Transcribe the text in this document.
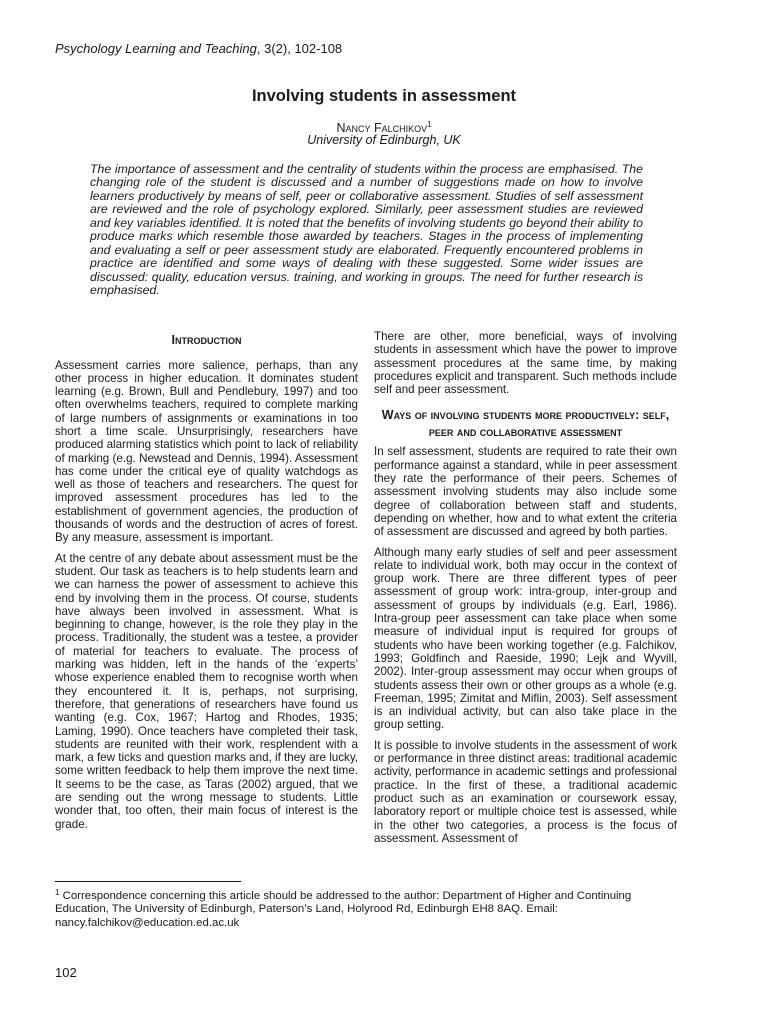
Psychology Learning and Teaching, 3(2), 102-108
Involving students in assessment
Nancy Falchikov$^1$
University of Edinburgh, UK
The importance of assessment and the centrality of students within the process are emphasised. The changing role of the student is discussed and a number of suggestions made on how to involve learners productively by means of self, peer or collaborative assessment. Studies of self assessment are reviewed and the role of psychology explored. Similarly, peer assessment studies are reviewed and key variables identified. It is noted that the benefits of involving students go beyond their ability to produce marks which resemble those awarded by teachers. Stages in the process of implementing and evaluating a self or peer assessment study are elaborated. Frequently encountered problems in practice are identified and some ways of dealing with these suggested. Some wider issues are discussed: quality, education versus. training, and working in groups. The need for further research is emphasised.
Introduction

Assessment carries more salience, perhaps, than any other process in higher education. It dominates student learning (e.g. Brown, Bull and Pendlebury, 1997) and too often overwhelms teachers, required to complete marking of large numbers of assignments or examinations in too short a time scale. Unsurprisingly, researchers have produced alarming statistics which point to lack of reliability of marking (e.g. Newstead and Dennis, 1994). Assessment has come under the critical eye of quality watchdogs as well as those of teachers and researchers. The quest for improved assessment procedures has led to the establishment of government agencies, the production of thousands of words and the destruction of acres of forest. By any measure, assessment is important.

At the centre of any debate about assessment must be the student. Our task as teachers is to help students learn and we can harness the power of assessment to achieve this end by involving them in the process. Of course, students have always been involved in assessment. What is beginning to change, however, is the role they play in the process. Traditionally, the student was a testee, a provider of material for teachers to evaluate. The process of marking was hidden, left in the hands of the ‘experts’ whose experience enabled them to recognise worth when they encountered it. It is, perhaps, not surprising, therefore, that generations of researchers have found us wanting (e.g. Cox, 1967; Hartog and Rhodes, 1935; Laming, 1990). Once teachers have completed their task, students are reunited with their work, resplendent with a mark, a few ticks and question marks and, if they are lucky, some written feedback to help them improve the next time. It seems to be the case, as Taras (2002) argued, that we are sending out the wrong message to students. Little wonder that, too often, their main focus of interest is the grade.

There are other, more beneficial, ways of involving students in assessment which have the power to improve assessment procedures at the same time, by making procedures explicit and transparent. Such methods include self and peer assessment.

Ways of involving students more productively: self, peer and collaborative assessment

In self assessment, students are required to rate their own performance against a standard, while in peer assessment they rate the performance of their peers. Schemes of assessment involving students may also include some degree of collaboration between staff and students, depending on whether, how and to what extent the criteria of assessment are discussed and agreed by both parties.

Although many early studies of self and peer assessment relate to individual work, both may occur in the context of group work. There are three different types of peer assessment of group work: intra-group, inter-group and assessment of groups by individuals (e.g. Earl, 1986). Intra-group peer assessment can take place when some measure of individual input is required for groups of students who have been working together (e.g. Falchikov, 1993; Goldfinch and Raeside, 1990; Lejk and Wyvill, 2002). Inter-group assessment may occur when groups of students assess their own or other groups as a whole (e.g. Freeman, 1995; Zimitat and Miflin, 2003). Self assessment is an individual activity, but can also take place in the group setting.

It is possible to involve students in the assessment of work or performance in three distinct areas: traditional academic activity, performance in academic settings and professional practice. In the first of these, a traditional academic product such as an examination or coursework essay, laboratory report or multiple choice test is assessed, while in the other two categories, a process is the focus of assessment. Assessment of

$^1$ Correspondence concerning this article should be addressed to the author: Department of Higher and Continuing Education, The University of Edinburgh, Paterson’s Land, Holyrood Rd, Edinburgh EH8 8AQ. Email: nancy.falchikov@education.ed.ac.uk
102
